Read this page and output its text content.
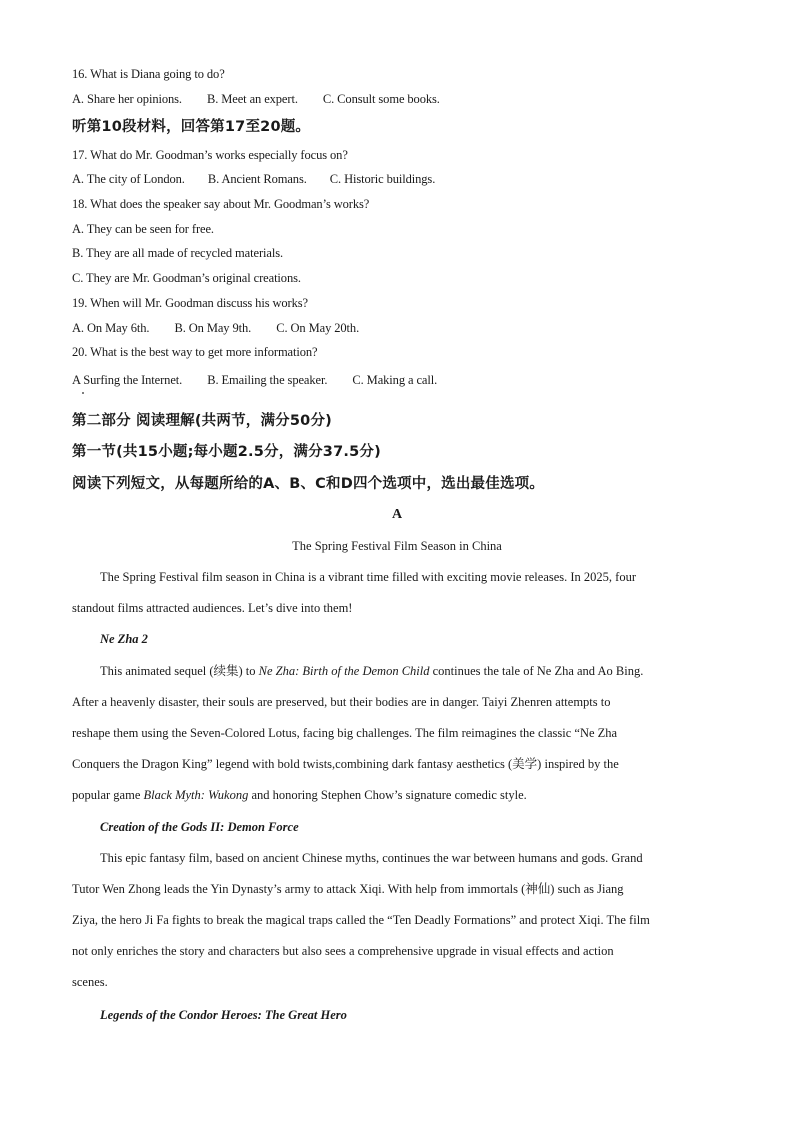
16. What is Diana going to do?
A. Share her opinions. B. Meet an expert. C. Consult some books.
听第10段材料，回答第17至20题。
17. What do Mr. Goodman’s works especially focus on?
A. The city of London. B. Ancient Romans. C. Historic buildings.
18. What does the speaker say about Mr. Goodman’s works?
A. They can be seen for free.
B. They are all made of recycled materials.
C. They are Mr. Goodman’s original creations.
19. When will Mr. Goodman discuss his works?
A. On May 6th. B. On May 9th. C. On May 20th.
20. What is the best way to get more information?
A Surfing the Internet. B. Emailing the speaker. C. Making a call.
第二部分 阅读理解(共两节，满分50分)
第一节(共15小题;每小题2.5分，满分37.5分)
阅读下列短文，从每题所给的A、B、C和D四个选项中，选出最佳选项。
A
The Spring Festival Film Season in China
The Spring Festival film season in China is a vibrant time filled with exciting movie releases. In 2025, four
standout films attracted audiences. Let’s dive into them!
Ne Zha 2
This animated sequel (续集) to Ne Zha: Birth of the Demon Child continues the tale of Ne Zha and Ao Bing.
After a heavenly disaster, their souls are preserved, but their bodies are in danger. Taiyi Zhenren attempts to
reshape them using the Seven-Colored Lotus, facing big challenges. The film reimagines the classic “Ne Zha
Conquers the Dragon King” legend with bold twists,combining dark fantasy aesthetics (美学) inspired by the
popular game Black Myth: Wukong and honoring Stephen Chow’s signature comedic style.
Creation of the Gods II: Demon Force
This epic fantasy film, based on ancient Chinese myths, continues the war between humans and gods. Grand
Tutor Wen Zhong leads the Yin Dynasty’s army to attack Xiqi. With help from immortals (神仙) such as Jiang
Ziya, the hero Ji Fa fights to break the magical traps called the “Ten Deadly Formations” and protect Xiqi. The film
not only enriches the story and characters but also sees a comprehensive upgrade in visual effects and action
scenes.
Legends of the Condor Heroes: The Great Hero
